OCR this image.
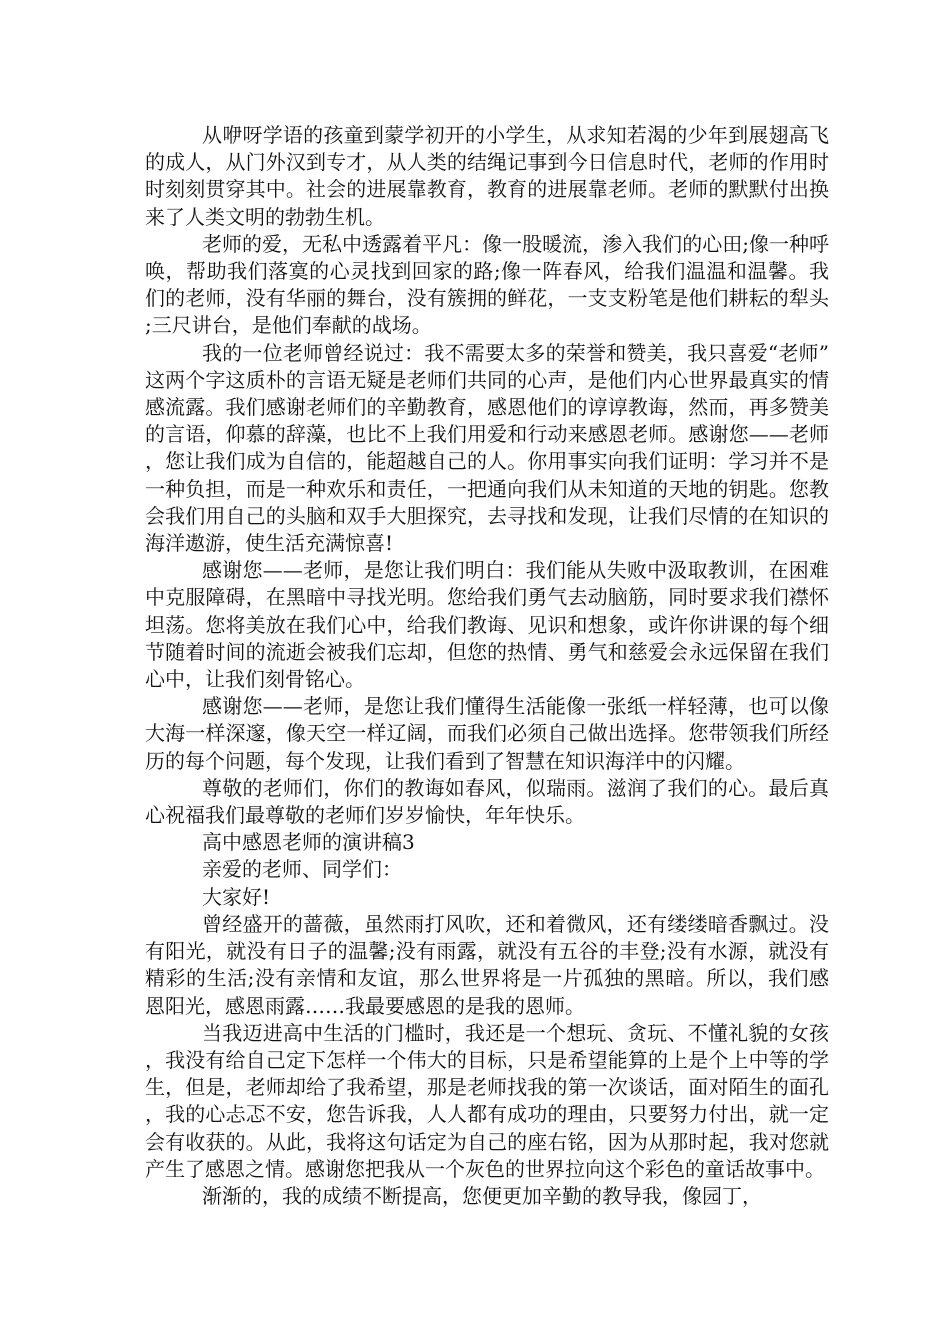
从咿呀学语的孩童到蒙学初开的小学生，从求知若渴的少年到展翅高飞的成人，从门外汉到专才，从人类的结绳记事到今日信息时代，老师的作用时时刻刻贯穿其中。社会的进展靠教育，教育的进展靠老师。老师的默默付出换来了人类文明的勃勃生机。

老师的爱，无私中透露着平凡：像一股暖流，渗入我们的心田;像一种呼唤，帮助我们落寞的心灵找到回家的路;像一阵春风，给我们温温和温馨。我们的老师，没有华丽的舞台，没有簇拥的鲜花，一支支粉笔是他们耕耘的犁头;三尺讲台，是他们奉献的战场。

我的一位老师曾经说过：我不需要太多的荣誉和赞美，我只喜爱“老师”这两个字这质朴的言语无疑是老师们共同的心声，是他们内心世界最真实的情感流露。我们感谢老师们的辛勤教育，感恩他们的谆谆教诲，然而，再多赞美的言语，仰慕的辞藻，也比不上我们用爱和行动来感恩老师。感谢您——老师，您让我们成为自信的，能超越自己的人。你用事实向我们证明：学习并不是一种负担，而是一种欢乐和责任，一把通向我们从未知道的天地的钥匙。您教会我们用自己的头脑和双手大胆探究，去寻找和发现，让我们尽情的在知识的海洋遨游，使生活充满惊喜!

感谢您——老师，是您让我们明白：我们能从失败中汲取教训，在困难中克服障碍，在黑暗中寻找光明。您给我们勇气去动脑筋，同时要求我们襟怀坦荡。您将美放在我们心中，给我们教诲、见识和想象，或许你讲课的每个细节随着时间的流逝会被我们忘却，但您的热情、勇气和慈爱会永远保留在我们心中，让我们刻骨铭心。

感谢您——老师，是您让我们懂得生活能像一张纸一样轻薄，也可以像大海一样深邃，像天空一样辽阔，而我们必须自己做出选择。您带领我们所经历的每个问题，每个发现，让我们看到了智慧在知识海洋中的闪耀。

尊敬的老师们，你们的教诲如春风，似瑞雨。滋润了我们的心。最后真心祝福我们最尊敬的老师们岁岁愉快，年年快乐。

高中感恩老师的演讲稿3

亲爱的老师、同学们：

大家好!

曾经盛开的蔷薇，虽然雨打风吹，还和着微风，还有缕缕暗香飘过。没有阳光，就没有日子的温馨;没有雨露，就没有五谷的丰登;没有水源，就没有精彩的生活;没有亲情和友谊，那么世界将是一片孤独的黑暗。所以，我们感恩阳光，感恩雨露……我最要感恩的是我的恩师。

当我迈进高中生活的门槛时，我还是一个想玩、贪玩、不懂礼貌的女孩，我没有给自己定下怎样一个伟大的目标，只是希望能算的上是个上中等的学生，但是，老师却给了我希望，那是老师找我的第一次谈话，面对陌生的面孔，我的心忐忑不安，您告诉我，人人都有成功的理由，只要努力付出，就一定会有收获的。从此，我将这句话定为自己的座右铭，因为从那时起，我对您就产生了感恩之情。感谢您把我从一个灰色的世界拉向这个彩色的童话故事中。

渐渐的，我的成绩不断提高，您便更加辛勤的教导我，像园丁，
